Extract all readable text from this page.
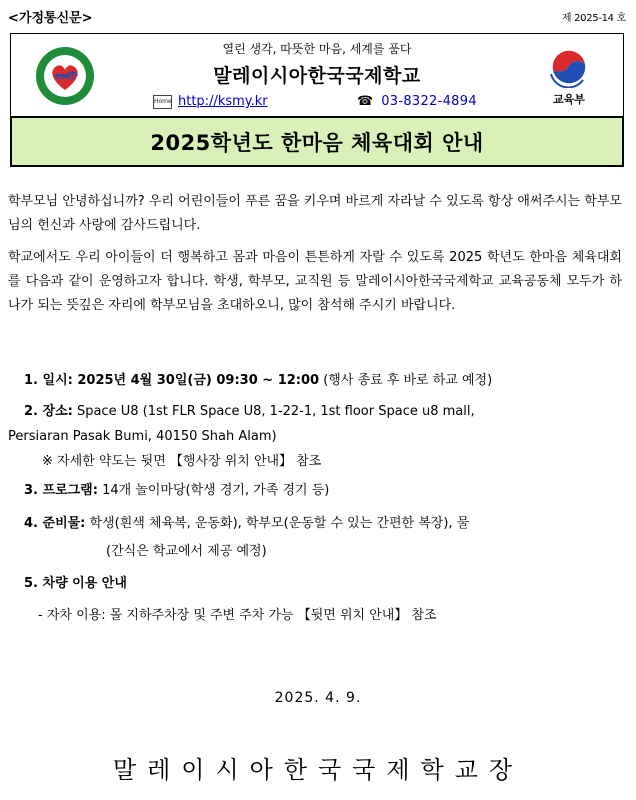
<가정통신문>	제 2025-14 호
KSKL
열린 생각, 따뜻한 마음, 세계를 품다
말레이시아한국국제학교
Home http://ksmy.kr	☎ 03-8322-4894	교육부
2025학년도 한마음 체육대회 안내
학부모님 안녕하십니까? 우리 어린이들이 푸른 꿈을 키우며 바르게 자라날 수 있도록 항상 애써주시는 학부모님의 헌신과 사랑에 감사드립니다.
학교에서도 우리 아이들이 더 행복하고 몸과 마음이 튼튼하게 자랄 수 있도록 2025 학년도 한마음 체육대회를 다음과 같이 운영하고자 합니다. 학생, 학부모, 교직원 등 말레이시아한국국제학교 교육공동체 모두가 하나가 되는 뜻깊은 자리에 학부모님을 초대하오니, 많이 참석해 주시기 바랍니다.
1. 일시: 2025년 4월 30일(금) 09:30 ~ 12:00 (행사 종료 후 바로 하교 예정)
2. 장소: Space U8 (1st FLR Space U8, 1-22-1, 1st floor Space u8 mall,
Persiaran Pasak Bumi, 40150 Shah Alam)
※ 자세한 약도는 뒷면 【행사장 위치 안내】 참조
3. 프로그램: 14개 놀이마당(학생 경기, 가족 경기 등)
4. 준비물: 학생(흰색 체육복, 운동화), 학부모(운동할 수 있는 간편한 복장), 물
(간식은 학교에서 제공 예정)
5. 차량 이용 안내
- 자차 이용: 몰 지하주차장 및 주변 주차 가능 【뒷면 위치 안내】 참조
2025. 4. 9.
말레이시아한국국제학교장
